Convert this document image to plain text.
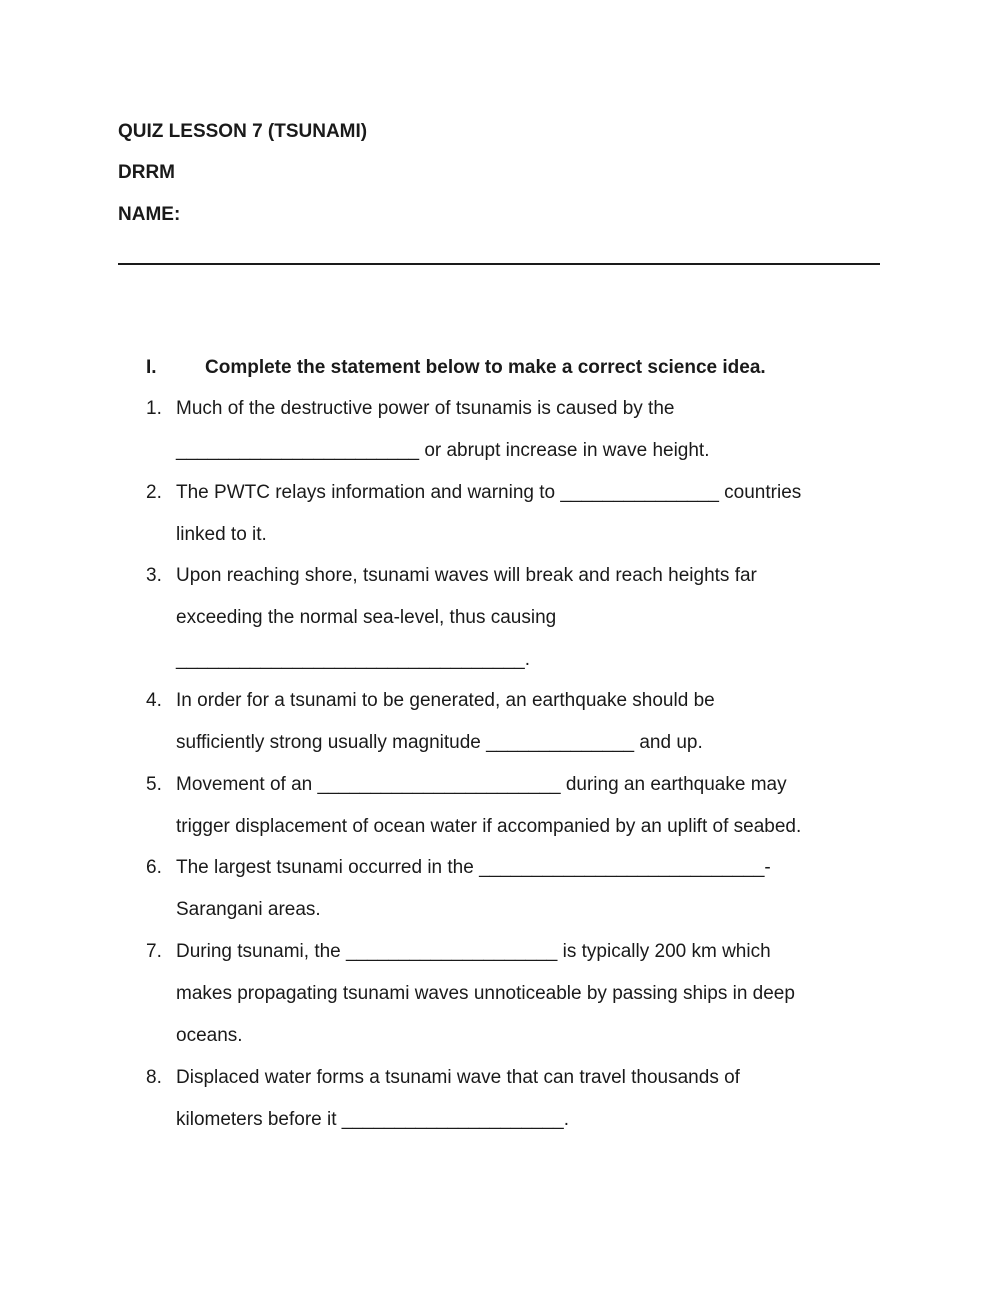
QUIZ LESSON 7 (TSUNAMI)
DRRM
NAME:
I.	Complete the statement below to make a correct science idea.
1. Much of the destructive power of tsunamis is caused by the
_______________________ or abrupt increase in wave height.
2. The PWTC relays information and warning to _______________ countries
linked to it.
3. Upon reaching shore, tsunami waves will break and reach heights far
exceeding the normal sea-level, thus causing
_________________________________.
4. In order for a tsunami to be generated, an earthquake should be
sufficiently strong usually magnitude ______________ and up.
5. Movement of an _______________________ during an earthquake may
trigger displacement of ocean water if accompanied by an uplift of seabed.
6. The largest tsunami occurred in the ___________________________-
Sarangani areas.
7. During tsunami, the ____________________ is typically 200 km which
makes propagating tsunami waves unnoticeable by passing ships in deep
oceans.
8. Displaced water forms a tsunami wave that can travel thousands of
kilometers before it _____________________.
